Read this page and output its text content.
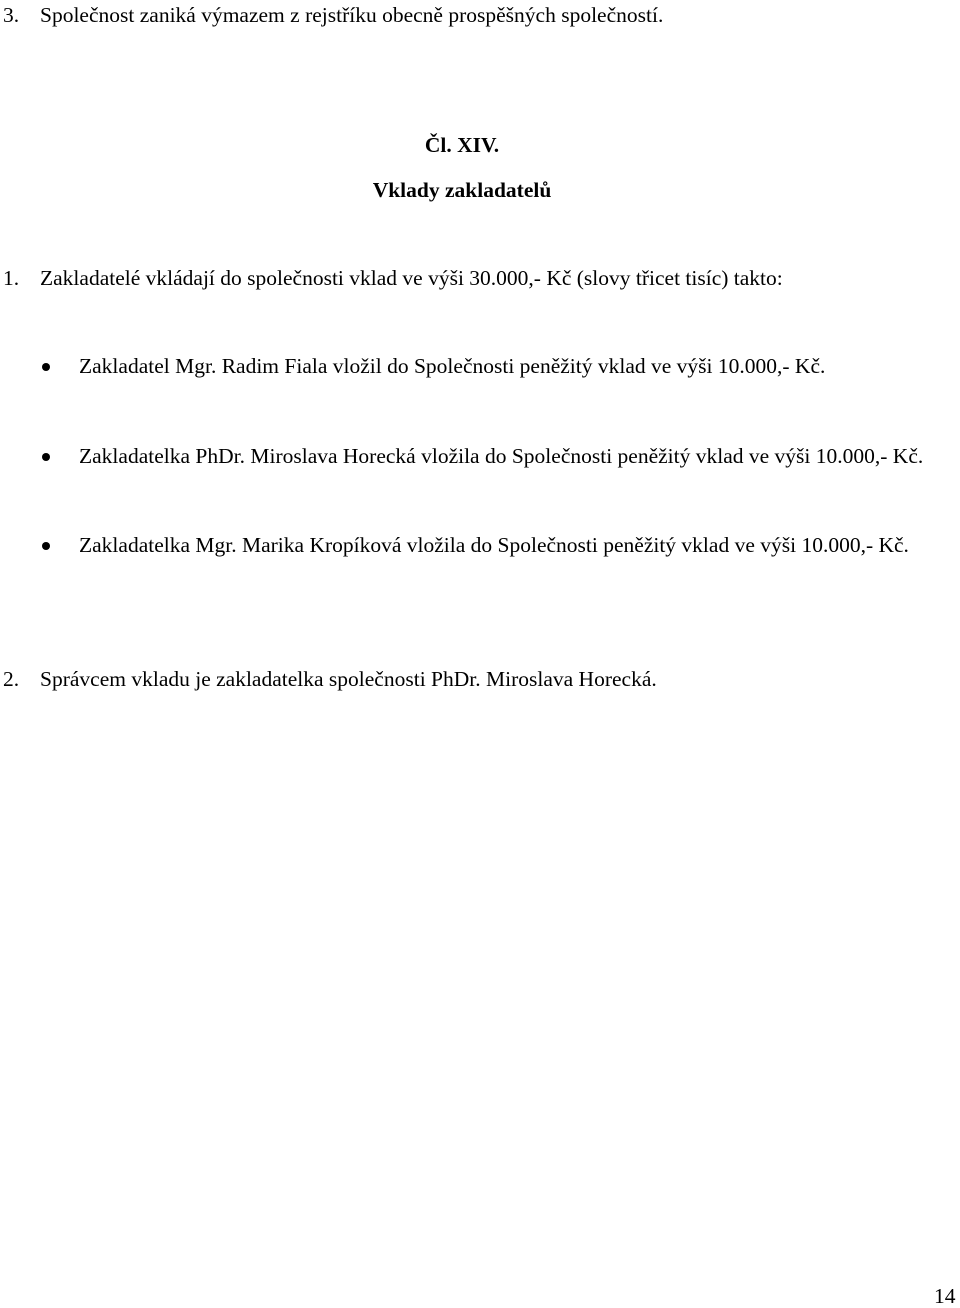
3. Společnost zaniká výmazem z rejstříku obecně prospěšných společností.
Čl. XIV.
Vklady zakladatelů
1. Zakladatelé vkládají do společnosti vklad ve výši 30.000,- Kč (slovy třicet tisíc) takto:
Zakladatel Mgr. Radim Fiala vložil do Společnosti peněžitý vklad ve výši 10.000,- Kč.
Zakladatelka PhDr. Miroslava Horecká vložila do Společnosti peněžitý vklad ve výši 10.000,- Kč.
Zakladatelka Mgr. Marika Kropíková vložila do Společnosti peněžitý vklad ve výši 10.000,- Kč.
2. Správcem vkladu je zakladatelka společnosti PhDr. Miroslava Horecká.
14
